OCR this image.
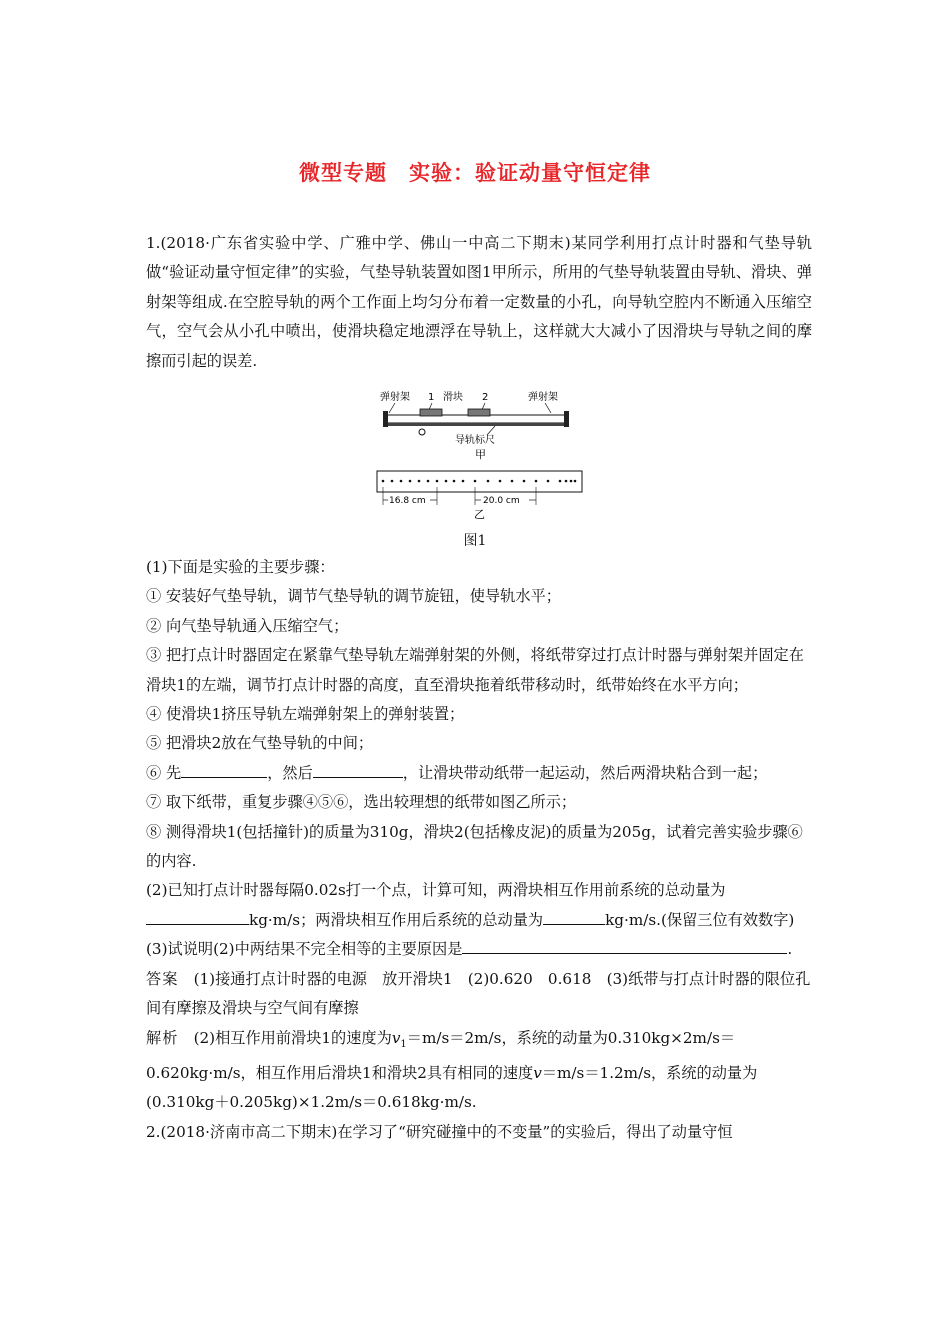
微型专题　实验：验证动量守恒定律

1.(2018·广东省实验中学、广雅中学、佛山一中高二下期末)某同学利用打点计时器和气垫导轨做“验证动量守恒定律”的实验，气垫导轨装置如图1甲所示，所用的气垫导轨装置由导轨、滑块、弹射架等组成.在空腔导轨的两个工作面上均匀分布着一定数量的小孔，向导轨空腔内不断通入压缩空气，空气会从小孔中喷出，使滑块稳定地漂浮在导轨上，这样就大大减小了因滑块与导轨之间的摩擦而引起的误差.

弹射架 1 滑块 2	弹射架
导轨标尺
甲
16.8 cm	20.0 cm
乙
图1

(1)下面是实验的主要步骤：

① 安装好气垫导轨，调节气垫导轨的调节旋钮，使导轨水平；

② 向气垫导轨通入压缩空气；

③ 把打点计时器固定在紧靠气垫导轨左端弹射架的外侧，将纸带穿过打点计时器与弹射架并固定在滑块1的左端，调节打点计时器的高度，直至滑块拖着纸带移动时，纸带始终在水平方向；

④ 使滑块1挤压导轨左端弹射架上的弹射装置；

⑤ 把滑块2放在气垫导轨的中间；

⑥ 先	，然后	，让滑块带动纸带一起运动，然后两滑块粘合到一起；

⑦ 取下纸带，重复步骤④⑤⑥，选出较理想的纸带如图乙所示；

⑧ 测得滑块1(包括撞针)的质量为310g，滑块2(包括橡皮泥)的质量为205g，试着完善实验步骤⑥的内容.

(2)已知打点计时器每隔0.02s打一个点，计算可知，两滑块相互作用前系统的总动量为kg·m/s；两滑块相互作用后系统的总动量为	kg·m/s.(保留三位有效数字)

(3)试说明(2)中两结果不完全相等的主要原因是	.

答案　 (1)接通打点计时器的电源　放开滑块1　(2)0.620　0.618　(3)纸带与打点计时器的限位孔间有摩擦及滑块与空气间有摩擦

解析　 (2)相互作用前滑块1的速度为$v_1=m/s=2m/s$，系统的动量为0.310kg×2m/s＝0.620kg·m/s，相互作用后滑块1和滑块2具有相同的速度v＝m/s＝1.2m/s，系统的动量为(0.310kg＋0.205kg)×1.2m/s＝0.618kg·m/s.

2.(2018·济南市高二下期末)在学习了“研究碰撞中的不变量”的实验后，得出了动量守恒
